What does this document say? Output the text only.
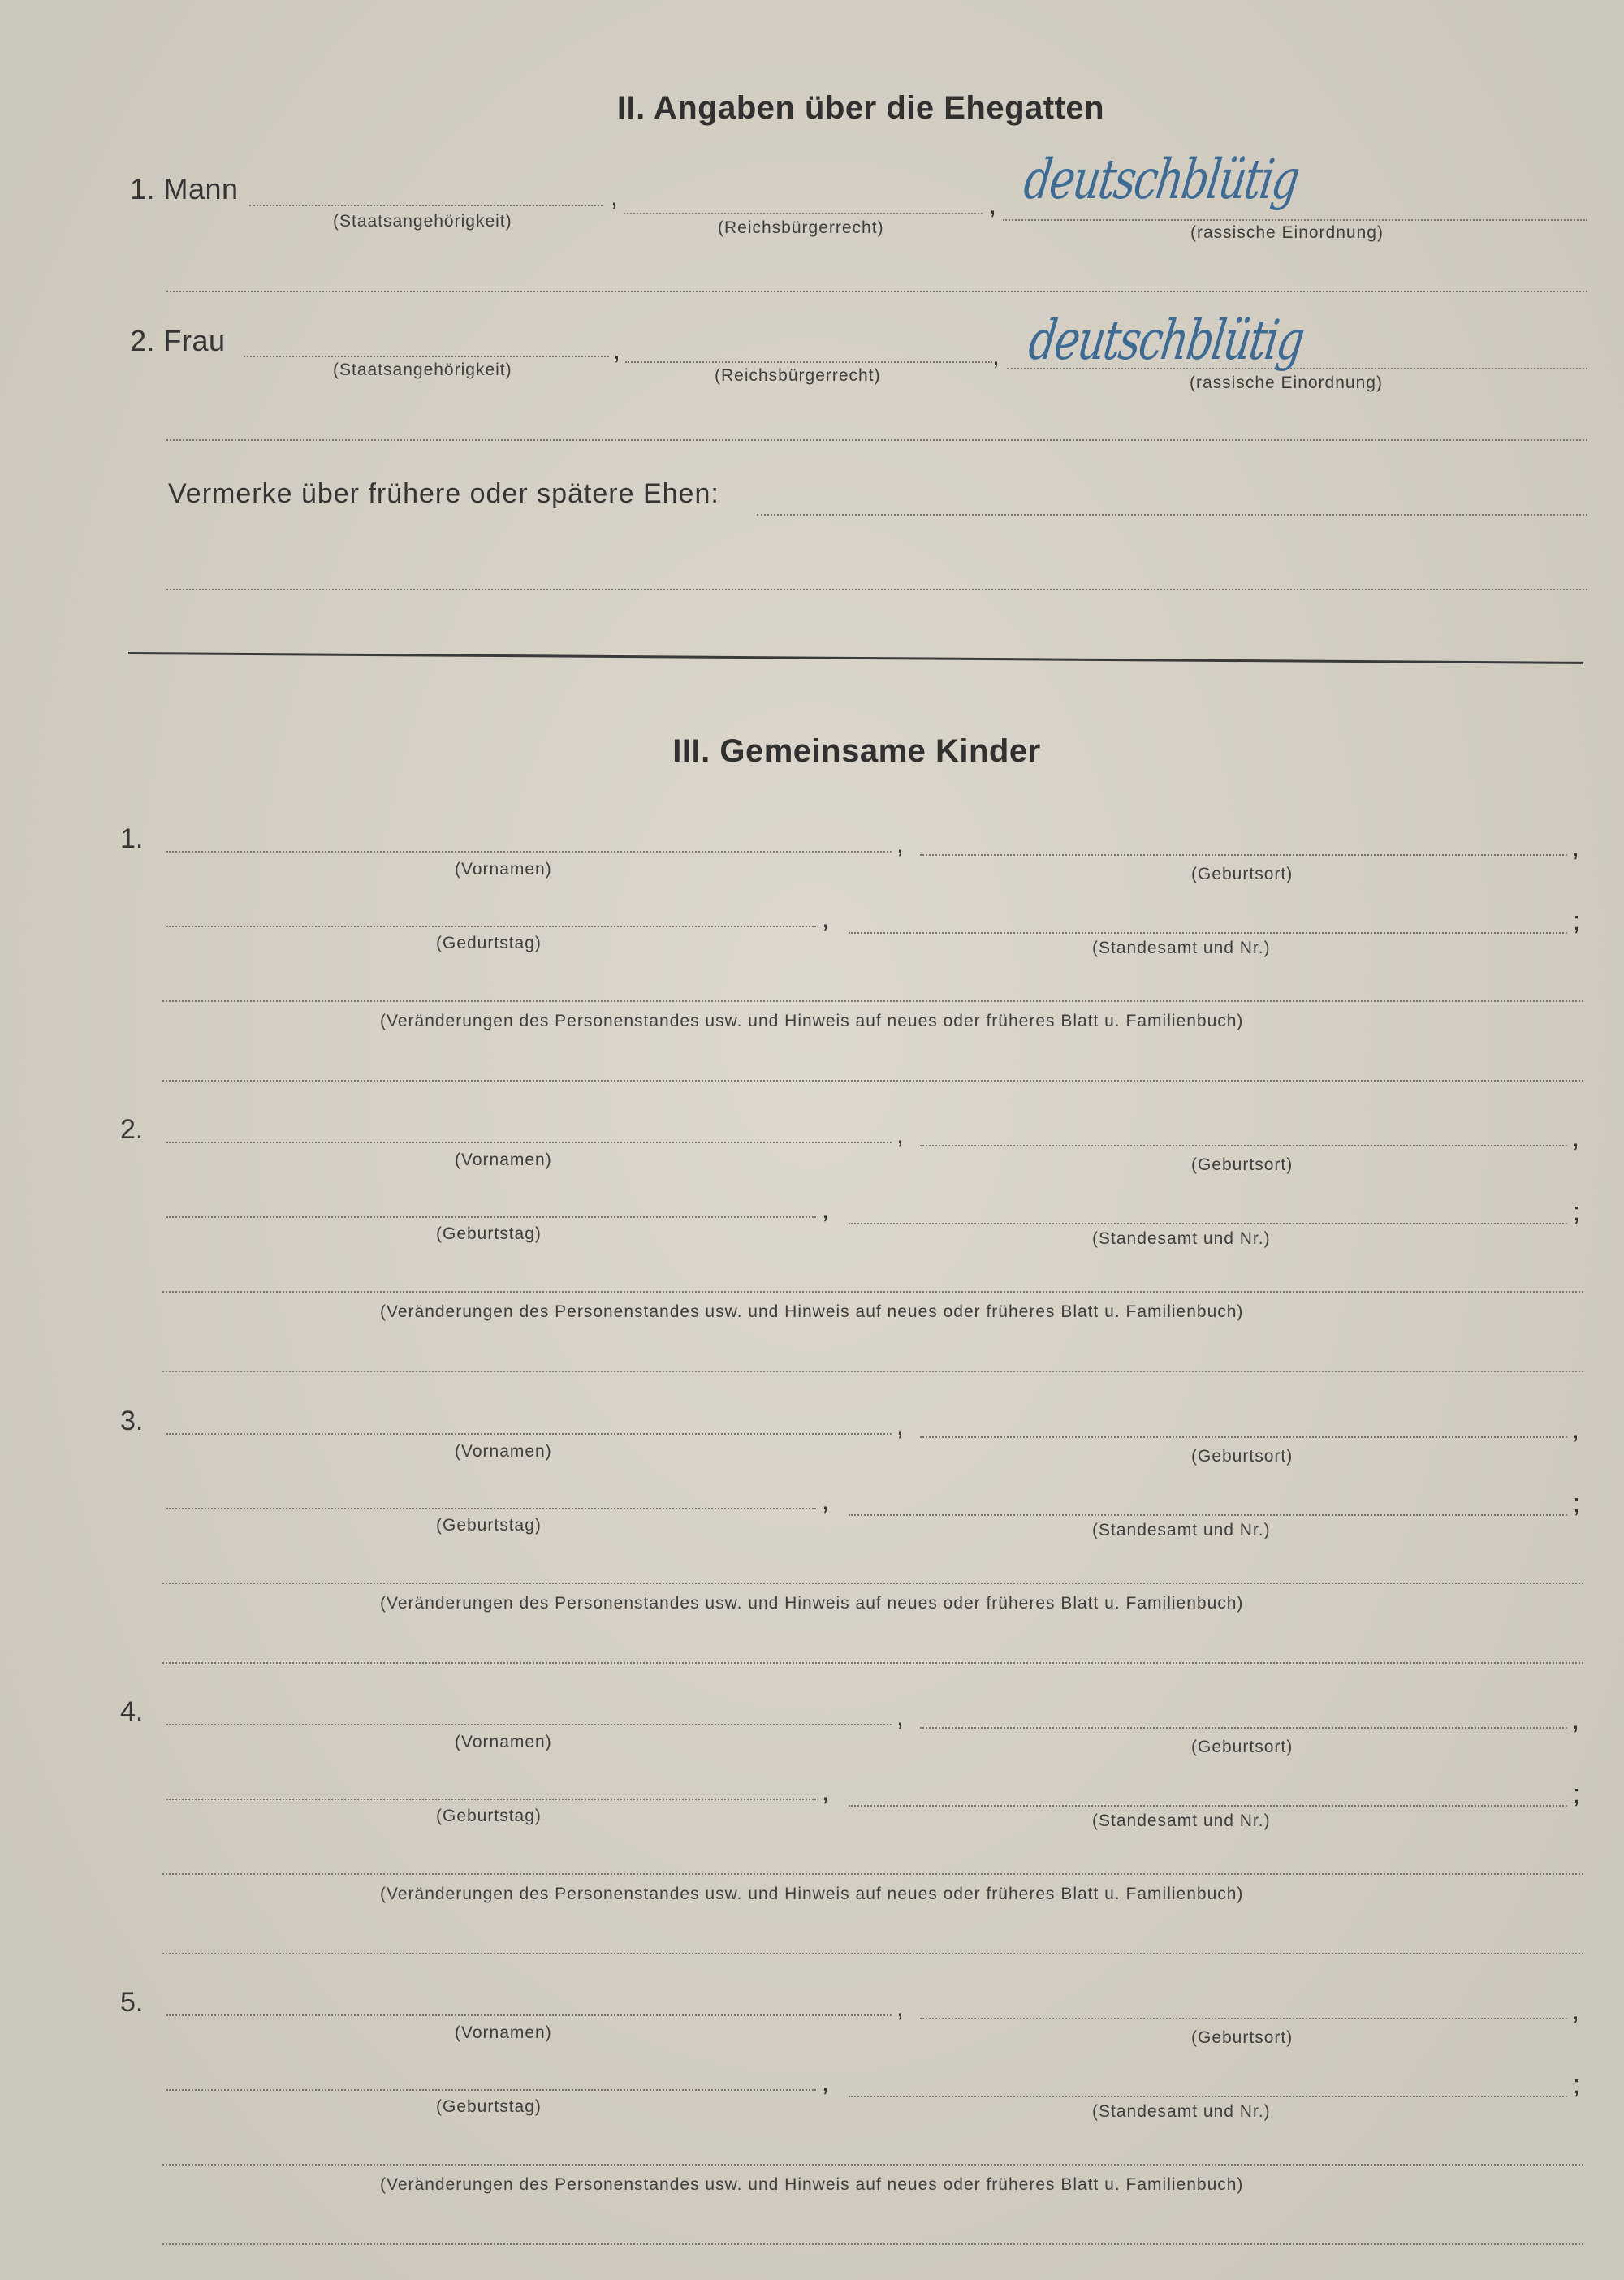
II. Angaben über die Ehegatten
1. Mann	,	, deutschblütig
(Staatsangehörigkeit)	(Reichsbürgerrecht)	(rassische Einordnung)
2. Frau	,	, deutschblütig
(Staatsangehörigkeit)	(Reichsbürgerrecht)	(rassische Einordnung)
Vermerke über frühere oder spätere Ehen:
III. Gemeinsame Kinder
1.	,	,
(Vornamen)	(Geburtsort)
,	;
(Gedurtstag)	(Standesamt und Nr.)
(Veränderungen des Personenstandes usw. und Hinweis auf neues oder früheres Blatt u. Familienbuch)
2.	,	,
(Vornamen)	(Geburtsort)
,	;
(Geburtstag)	(Standesamt und Nr.)
(Veränderungen des Personenstandes usw. und Hinweis auf neues oder früheres Blatt u. Familienbuch)
3.	,	,
(Vornamen)	(Geburtsort)
,	;
(Geburtstag)	(Standesamt und Nr.)
(Veränderungen des Personenstandes usw. und Hinweis auf neues oder früheres Blatt u. Familienbuch)
4.	,	,
(Vornamen)	(Geburtsort)
,	;
(Geburtstag)	(Standesamt und Nr.)
(Veränderungen des Personenstandes usw. und Hinweis auf neues oder früheres Blatt u. Familienbuch)
5.	,	,
(Vornamen)	(Geburtsort)
,	;
(Geburtstag)	(Standesamt und Nr.)
(Veränderungen des Personenstandes usw. und Hinweis auf neues oder früheres Blatt u. Familienbuch)
